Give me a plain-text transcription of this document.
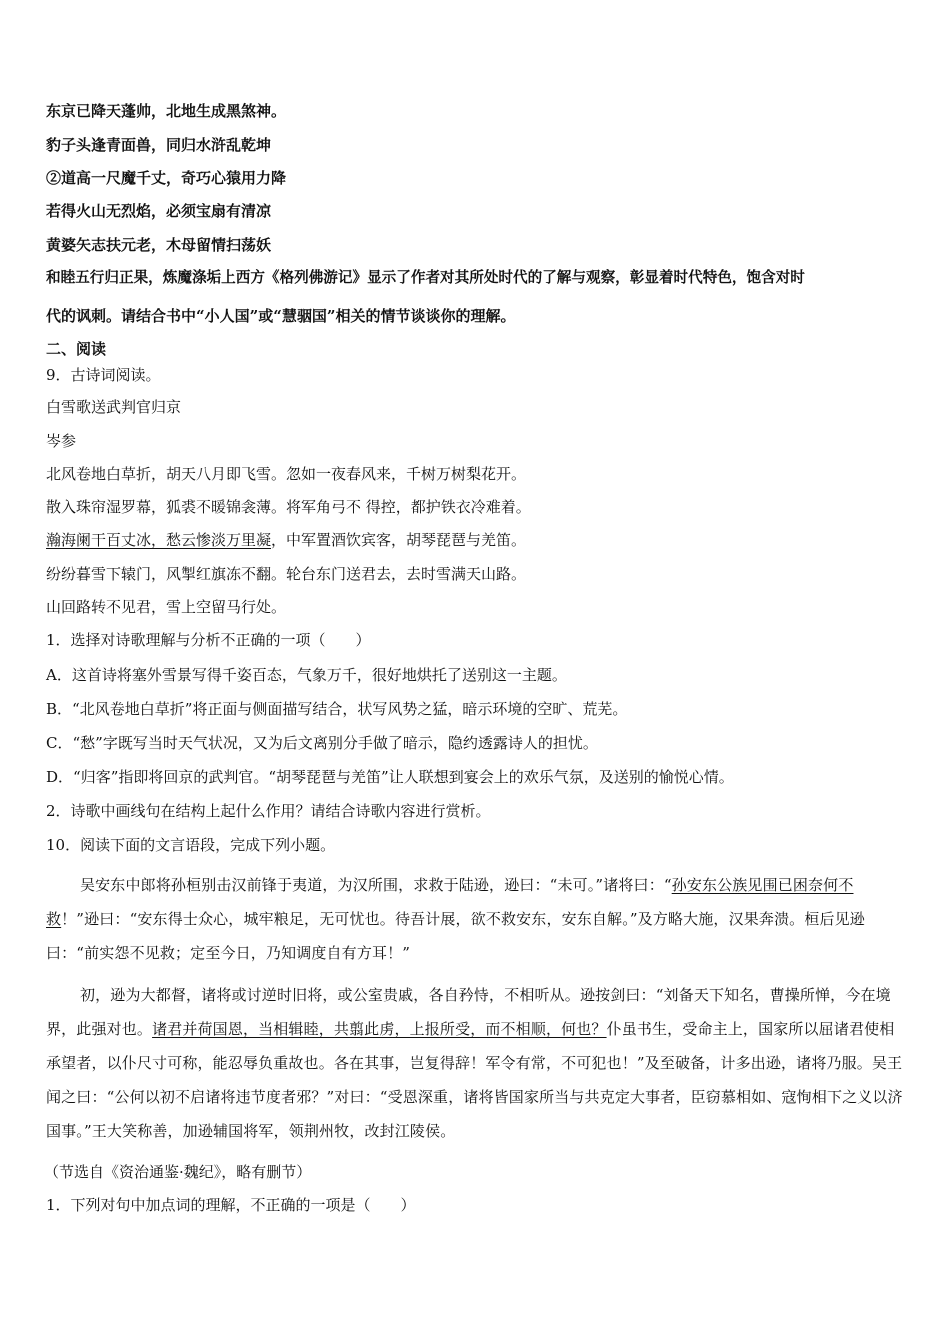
东京已降天蓬帅，北地生成黑煞神。
豹子头逢青面兽，同归水浒乱乾坤
②道高一尺魔千丈，奇巧心猿用力降
若得火山无烈焰，必须宝扇有清凉
黄婆矢志扶元老，木母留情扫荡妖
和睦五行归正果，炼魔涤垢上西方《格列佛游记》显示了作者对其所处时代的了解与观察，彰显着时代特色，饱含对时
代的讽刺。请结合书中“小人国”或“慧骃国”相关的情节谈谈你的理解。
二、阅读
9．古诗词阅读。
白雪歌送武判官归京
岑参
北风卷地白草折，胡天八月即飞雪。忽如一夜春风来，千树万树梨花开。
散入珠帘湿罗幕，狐裘不暖锦衾薄。将军角弓不 得控，都护铁衣冷难着。
瀚海阑干百丈冰，愁云惨淡万里凝，中军置酒饮宾客，胡琴琵琶与羌笛。
纷纷暮雪下辕门，风掣红旗冻不翻。轮台东门送君去，去时雪满天山路。
山回路转不见君，雪上空留马行处。
1．选择对诗歌理解与分析不正确的一项（　　）
A．这首诗将塞外雪景写得千姿百态，气象万千，很好地烘托了送别这一主题。
B．“北风卷地白草折”将正面与侧面描写结合，状写风势之猛，暗示环境的空旷、荒芜。
C．“愁”字既写当时天气状况，又为后文离别分手做了暗示，隐约透露诗人的担忧。
D．“归客”指即将回京的武判官。“胡琴琵琶与羌笛”让人联想到宴会上的欢乐气氛，及送别的愉悦心情。
2．诗歌中画线句在结构上起什么作用？请结合诗歌内容进行赏析。
10．阅读下面的文言语段，完成下列小题。
吴安东中郎将孙桓别击汉前锋于夷道，为汉所围，求救于陆逊，逊曰：“未可。”诸将曰：“孙安东公族见围已困奈何不救！”逊曰：“安东得士众心，城牢粮足，无可忧也。待吾计展，欲不救安东，安东自解。”及方略大施，汉果奔溃。桓后见逊曰：“前实怨不见救；定至今日，乃知调度自有方耳！”
初，逊为大都督，诸将或讨逆时旧将，或公室贵戚，各自矜恃，不相听从。逊按剑曰：“刘备天下知名，曹操所惮，今在境界，此强对也。诸君并荷国恩，当相辑睦，共翦此虏，上报所受，而不相顺，何也？仆虽书生，受命主上，国家所以屈诸君使相承望者，以仆尺寸可称，能忍辱负重故也。各在其事，岂复得辞！军令有常，不可犯也！”及至破备，计多出逊，诸将乃服。吴王闻之曰：“公何以初不启诸将违节度者邪？”对曰：“受恩深重，诸将皆国家所当与共克定大事者，臣窃慕相如、寇恂相下之义以济国事。”王大笑称善，加逊辅国将军，领荆州牧，改封江陵侯。
（节选自《资治通鉴·魏纪》，略有删节）
1．下列对句中加点词的理解，不正确的一项是（　　）
